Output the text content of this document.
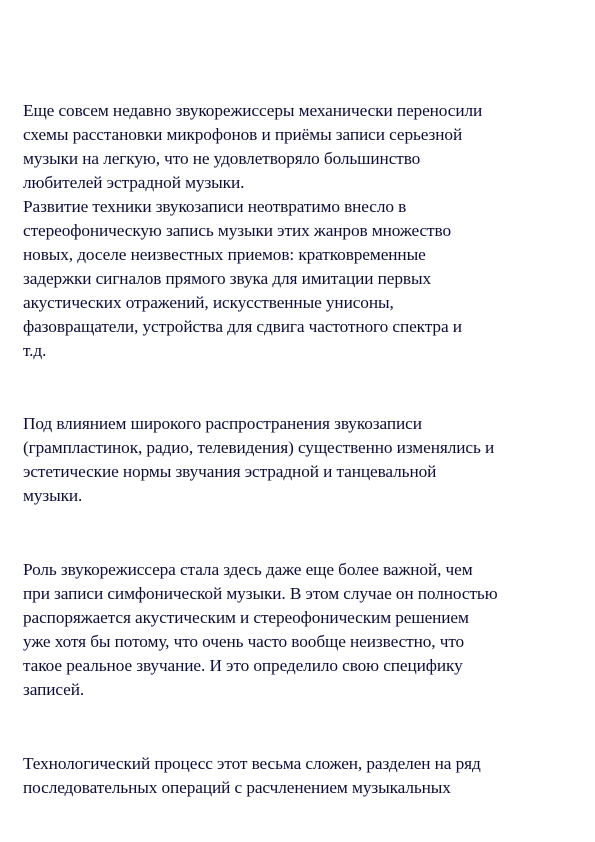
Еще совсем недавно звукорежиссеры механически переносили
схемы расстановки микрофонов и приёмы записи серьезной
музыки на легкую, что не удовлетворяло большинство
любителей эстрадной музыки.
Развитие техники звукозаписи неотвратимо внесло в
стереофоническую запись музыки этих жанров множество
новых, доселе неизвестных приемов: кратковременные
задержки сигналов прямого звука для имитации первых
акустических отражений, искусственные унисоны,
фазовращатели, устройства для сдвига частотного спектра и
т.д.
Под влиянием широкого распространения звукозаписи
(грампластинок, радио, телевидения) существенно изменялись и
эстетические нормы звучания эстрадной и танцевальной
музыки.
Роль звукорежиссера стала здесь даже еще более важной, чем
при записи симфонической музыки. В этом случае он полностью
распоряжается акустическим и стереофоническим решением
уже хотя бы потому, что очень часто вообще неизвестно, что
такое реальное звучание. И это определило свою специфику
записей.
Технологический процесс этот весьма сложен, разделен на ряд
последовательных операций с расчленением музыкальных
